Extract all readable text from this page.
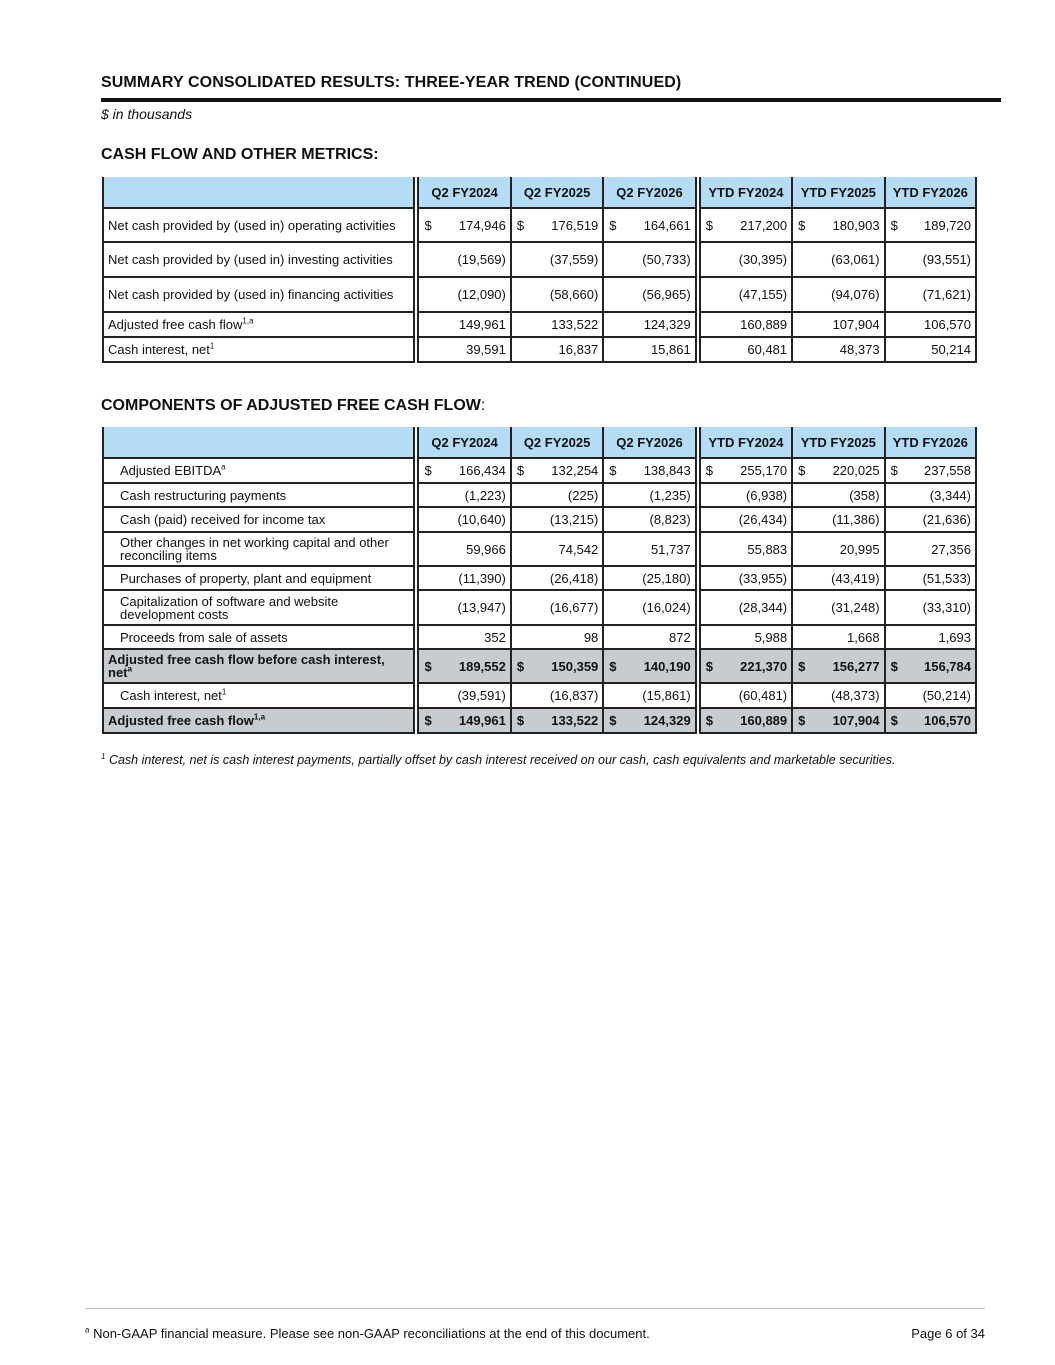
SUMMARY CONSOLIDATED RESULTS: THREE-YEAR TREND (CONTINUED)
$ in thousands
CASH FLOW AND OTHER METRICS:
		Q2 FY2024	Q2 FY2025	Q2 FY2026		YTD FY2024	YTD FY2025	YTD FY2026
Net cash provided by (used in) operating activities		$ 174,946	$ 176,519	$ 164,661		$ 217,200	$ 180,903	$ 189,720
Net cash provided by (used in) investing activities		(19,569)	(37,559)	(50,733)		(30,395)	(63,061)	(93,551)
Net cash provided by (used in) financing activities		(12,090)	(58,660)	(56,965)		(47,155)	(94,076)	(71,621)
Adjusted free cash flow$^{1,a}$		149,961	133,522	124,329		160,889	107,904	106,570
Cash interest, net$^1$		39,591	16,837	15,861		60,481	48,373	50,214
COMPONENTS OF ADJUSTED FREE CASH FLOW:
		Q2 FY2024	Q2 FY2025	Q2 FY2026		YTD FY2024	YTD FY2025	YTD FY2026
Adjusted EBITDA$^a$		$ 166,434	$ 132,254	$ 138,843		$ 255,170	$ 220,025	$ 237,558
Cash restructuring payments		(1,223)	(225)	(1,235)		(6,938)	(358)	(3,344)
Cash (paid) received for income tax		(10,640)	(13,215)	(8,823)		(26,434)	(11,386)	(21,636)
Other changes in net working capital and other reconciling items		59,966	74,542	51,737		55,883	20,995	27,356
Purchases of property, plant and equipment		(11,390)	(26,418)	(25,180)		(33,955)	(43,419)	(51,533)
Capitalization of software and website development costs		(13,947)	(16,677)	(16,024)		(28,344)	(31,248)	(33,310)
Proceeds from sale of assets		352	98	872		5,988	1,668	1,693
Adjusted free cash flow before cash interest, net$^a$		$ 189,552	$ 150,359	$ 140,190		$ 221,370	$ 156,277	$ 156,784
Cash interest, net$^1$		(39,591)	(16,837)	(15,861)		(60,481)	(48,373)	(50,214)
Adjusted free cash flow$^{1,a}$		$ 149,961	$ 133,522	$ 124,329		$ 160,889	$ 107,904	$ 106,570
$^1$ Cash interest, net is cash interest payments, partially offset by cash interest received on our cash, cash equivalents and marketable securities.
$^a$ Non-GAAP financial measure. Please see non-GAAP reconciliations at the end of this document.	Page 6 of 34
